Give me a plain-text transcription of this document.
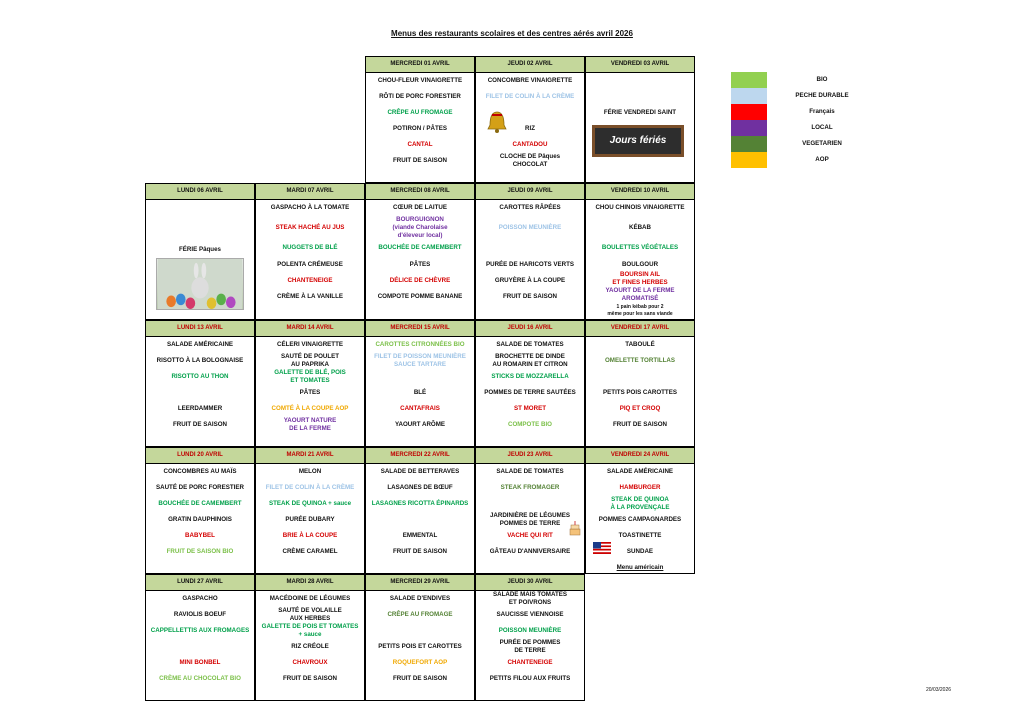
Menus des restaurants scolaires et des centres aérés avril 2026
BIO
PECHE DURABLE
Français
LOCAL
VEGETARIEN
AOP
MERCREDI 01 AVRIL
CHOU-FLEUR VINAIGRETTE
RÔTI DE PORC FORESTIER
CRÊPE AU FROMAGE
POTIRON / PÂTES
CANTAL
FRUIT DE SAISON
JEUDI 02 AVRIL
CONCOMBRE VINAIGRETTE
FILET DE COLIN À LA CRÈME
RIZ
CANTADOU
CLOCHE DE Pâques
CHOCOLAT
VENDREDI 03 AVRIL
FÉRIE VENDREDI SAINT
Jours fériés
LUNDI 06 AVRIL
FÉRIE Pâques
MARDI 07 AVRIL
GASPACHO À LA TOMATE
STEAK HACHÉ AU JUS
NUGGETS DE BLÉ
POLENTA CRÉMEUSE
CHANTENEIGE
CRÈME À LA VANILLE
MERCREDI 08 AVRIL
CŒUR DE LAITUE
BOURGUIGNON
(viande Charolaise
d'éleveur local)
BOUCHÉE DE CAMEMBERT
PÂTES
DÉLICE DE CHÈVRE
COMPOTE POMME BANANE
JEUDI 09 AVRIL
CAROTTES RÂPÉES
POISSON MEUNIÈRE
PURÉE DE HARICOTS VERTS
GRUYÈRE À LA COUPE
FRUIT DE SAISON
VENDREDI 10 AVRIL
CHOU CHINOIS VINAIGRETTE
KÉBAB
BOULETTES VÉGÉTALES
BOULGOUR
BOURSIN AIL
ET FINES HERBES
YAOURT DE LA FERME
AROMATISÉ
1 pain kébab pour 2
même pour les sans viande
LUNDI 13 AVRIL
SALADE AMÉRICAINE
RISOTTO À LA BOLOGNAISE
RISOTTO AU THON
LEERDAMMER
FRUIT DE SAISON
MARDI 14 AVRIL
CÉLERI VINAIGRETTE
SAUTÉ DE POULET
AU PAPRIKA
GALETTE DE BLÉ, POIS
ET TOMATES
PÂTES
COMTÉ À LA COUPE AOP
YAOURT NATURE
DE LA FERME
MERCREDI 15 AVRIL
CAROTTES CITRONNÉES BIO
FILET DE POISSON MEUNIÈRE
SAUCE TARTARE
BLÉ
CANTAFRAIS
YAOURT ARÔME
JEUDI 16 AVRIL
SALADE DE TOMATES
BROCHETTE DE DINDE
AU ROMARIN ET CITRON
STICKS DE MOZZARELLA
POMMES DE TERRE SAUTÉES
ST MORET
COMPOTE BIO
VENDREDI 17 AVRIL
TABOULÉ
OMELETTE TORTILLAS
PETITS POIS CAROTTES
PIQ ET CROQ
FRUIT DE SAISON
LUNDI 20 AVRIL
CONCOMBRES AU MAÏS
SAUTÉ DE PORC FORESTIER
BOUCHÉE DE CAMEMBERT
GRATIN DAUPHINOIS
BABYBEL
FRUIT DE SAISON BIO
MARDI 21 AVRIL
MELON
FILET DE COLIN À LA CRÈME
STEAK DE QUINOA + sauce
PURÉE DUBARY
BRIE À LA COUPE
CRÈME CARAMEL
MERCREDI 22 AVRIL
SALADE DE BETTERAVES
LASAGNES DE BŒUF
LASAGNES RICOTTA ÉPINARDS
EMMENTAL
FRUIT DE SAISON
JEUDI 23 AVRIL
SALADE DE TOMATES
STEAK FROMAGER
JARDINIÈRE DE LÉGUMES
POMMES DE TERRE
VACHE QUI RIT
GÂTEAU D'ANNIVERSAIRE
VENDREDI 24 AVRIL
SALADE AMÉRICAINE
HAMBURGER
STEAK DE QUINOA
À LA PROVENÇALE
POMMES CAMPAGNARDES
TOASTINETTE
SUNDAE
Menu américain
LUNDI 27 AVRIL
GASPACHO
RAVIOLIS BOEUF
CAPPELLETTIS AUX FROMAGES
MINI BONBEL
CRÈME AU CHOCOLAT BIO
MARDI 28 AVRIL
MACÉDOINE DE LÉGUMES
SAUTÉ DE VOLAILLE
AUX HERBES
GALETTE DE POIS ET TOMATES
+ sauce
RIZ CRÉOLE
CHAVROUX
FRUIT DE SAISON
MERCREDI 29 AVRIL
SALADE D'ENDIVES
CRÊPE AU FROMAGE
PETITS POIS ET CAROTTES
ROQUEFORT AOP
FRUIT DE SAISON
JEUDI 30 AVRIL
SALADE MAÏS TOMATES
ET POIVRONS
SAUCISSE VIENNOISE
POISSON MEUNIÈRE
PURÉE DE POMMES
DE TERRE
CHANTENEIGE
PETITS FILOU AUX FRUITS
20/03/2026
